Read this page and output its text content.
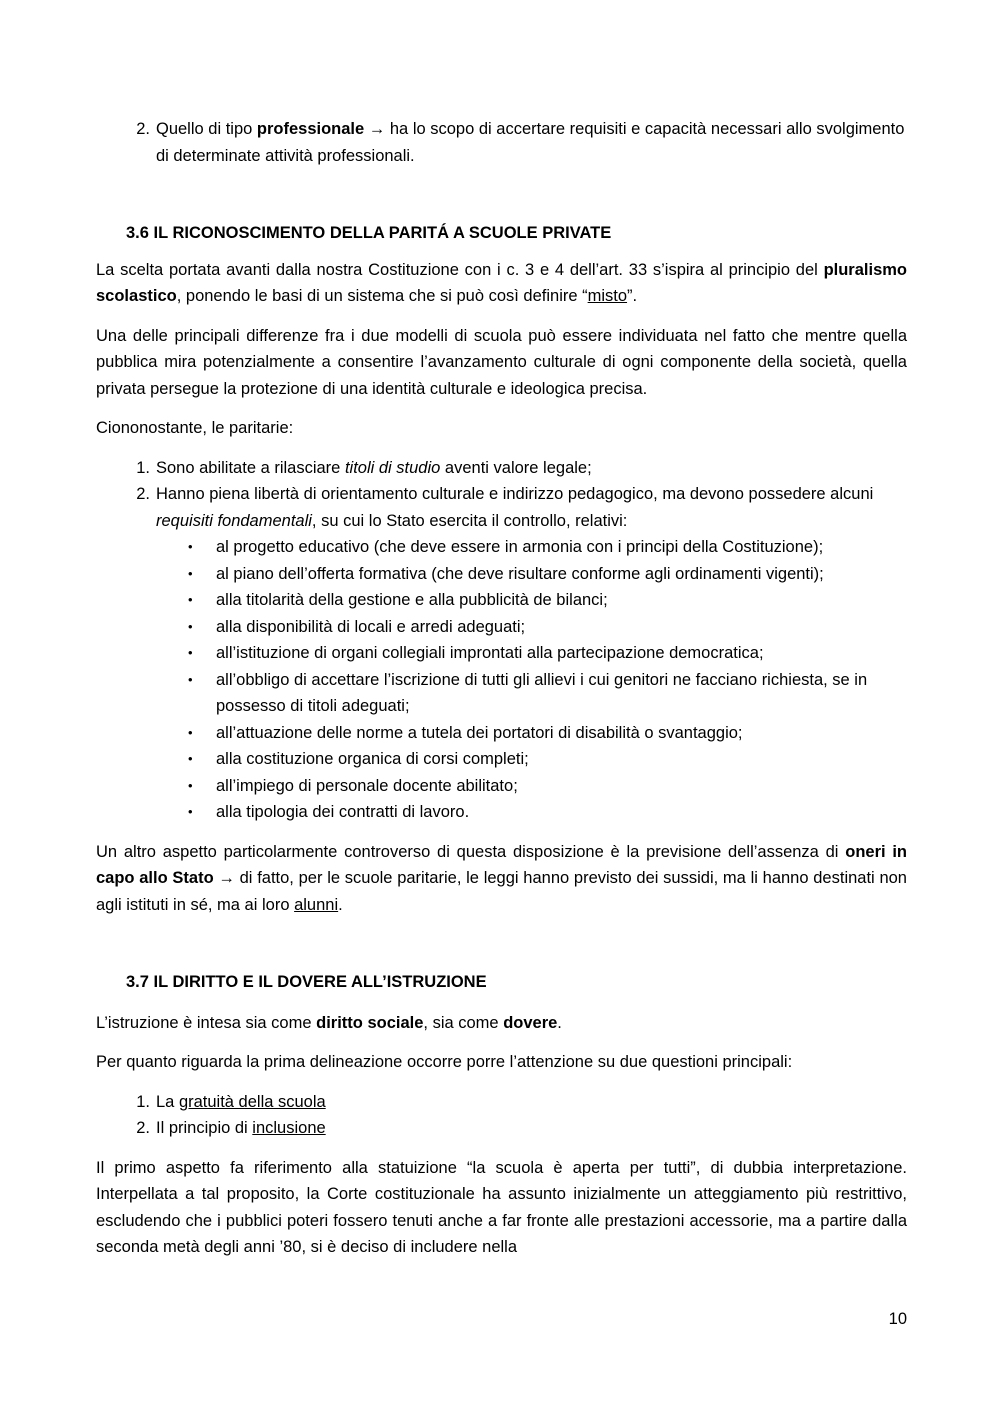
2. Quello di tipo professionale → ha lo scopo di accertare requisiti e capacità necessari allo svolgimento di determinate attività professionali.

3.6 IL RICONOSCIMENTO DELLA PARITÁ A SCUOLE PRIVATE

La scelta portata avanti dalla nostra Costituzione con i c. 3 e 4 dell’art. 33 s’ispira al principio del pluralismo scolastico, ponendo le basi di un sistema che si può così definire “misto”.

Una delle principali differenze fra i due modelli di scuola può essere individuata nel fatto che mentre quella pubblica mira potenzialmente a consentire l’avanzamento culturale di ogni componente della società, quella privata persegue la protezione di una identità culturale e ideologica precisa.

Ciononostante, le paritarie:

1. Sono abilitate a rilasciare titoli di studio aventi valore legale;
2. Hanno piena libertà di orientamento culturale e indirizzo pedagogico, ma devono possedere alcuni requisiti fondamentali, su cui lo Stato esercita il controllo, relativi:
•	al progetto educativo (che deve essere in armonia con i principi della Costituzione);
•	al piano dell’offerta formativa (che deve risultare conforme agli ordinamenti vigenti);
•	alla titolarità della gestione e alla pubblicità de bilanci;
•	alla disponibilità di locali e arredi adeguati;
•	all’istituzione di organi collegiali improntati alla partecipazione democratica;
•	all’obbligo di accettare l’iscrizione di tutti gli allievi i cui genitori ne facciano richiesta, se in possesso di titoli adeguati;
•	all’attuazione delle norme a tutela dei portatori di disabilità o svantaggio;
•	alla costituzione organica di corsi completi;
•	all’impiego di personale docente abilitato;
•	alla tipologia dei contratti di lavoro.

Un altro aspetto particolarmente controverso di questa disposizione è la previsione dell’assenza di oneri in capo allo Stato → di fatto, per le scuole paritarie, le leggi hanno previsto dei sussidi, ma li hanno destinati non agli istituti in sé, ma ai loro alunni.

3.7 IL DIRITTO E IL DOVERE ALL’ISTRUZIONE

L’istruzione è intesa sia come diritto sociale, sia come dovere.

Per quanto riguarda la prima delineazione occorre porre l’attenzione su due questioni principali:

1. La gratuità della scuola
2. Il principio di inclusione

Il primo aspetto fa riferimento alla statuizione “la scuola è aperta per tutti”, di dubbia interpretazione. Interpellata a tal proposito, la Corte costituzionale ha assunto inizialmente un atteggiamento più restrittivo, escludendo che i pubblici poteri fossero tenuti anche a far fronte alle prestazioni accessorie, ma a partire dalla seconda metà degli anni ’80, si è deciso di includere nella

10
